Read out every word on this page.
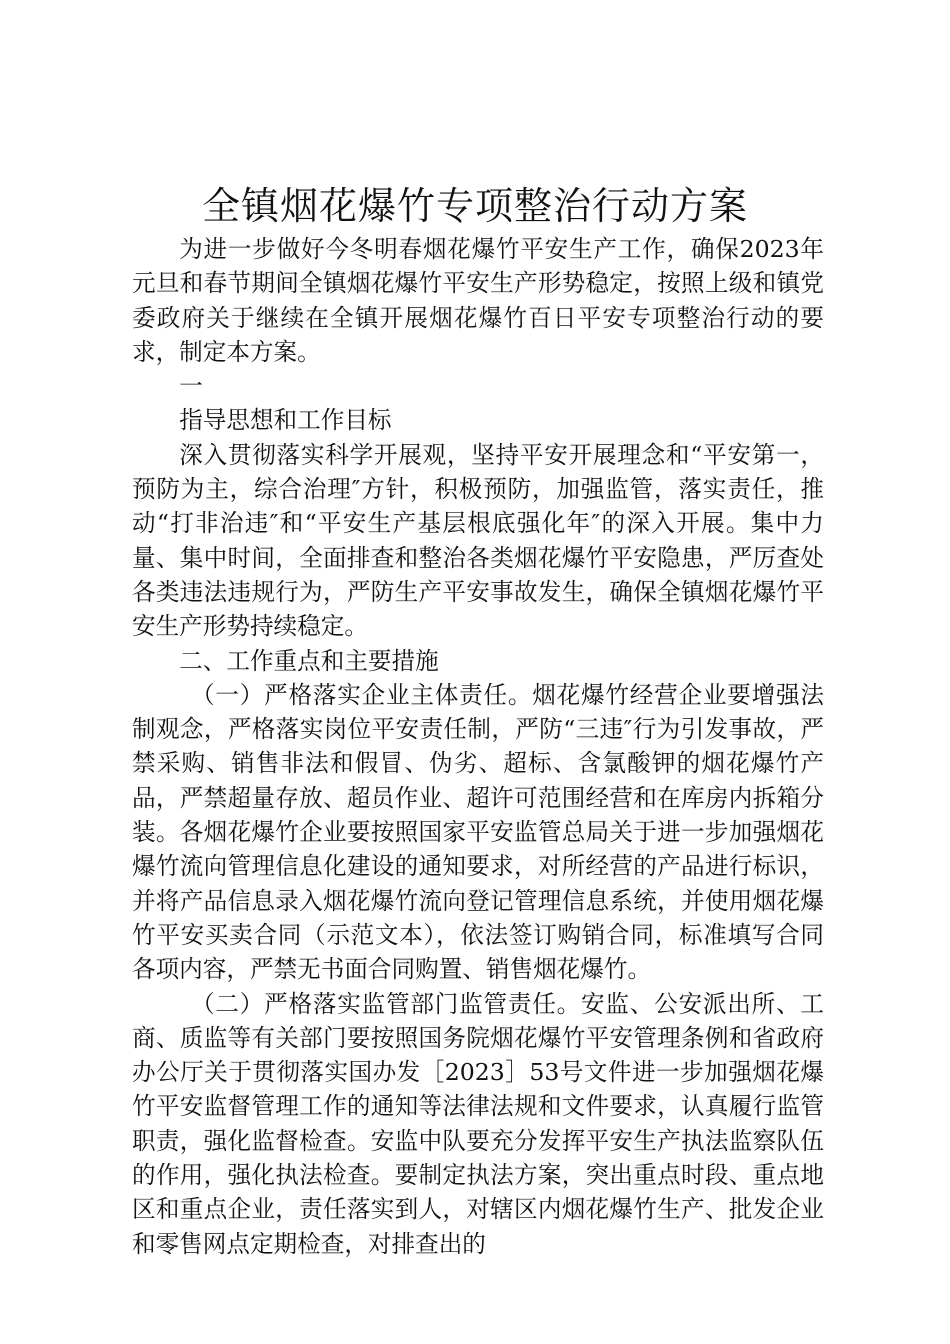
全镇烟花爆竹专项整治行动方案

为进一步做好今冬明春烟花爆竹平安生产工作，确保2023年元旦和春节期间全镇烟花爆竹平安生产形势稳定，按照上级和镇党委政府关于继续在全镇开展烟花爆竹百日平安专项整治行动的要求，制定本方案。

一

指导思想和工作目标

深入贯彻落实科学开展观，坚持平安开展理念和“平安第一，预防为主，综合治理″方针，积极预防，加强监管，落实责任，推动“打非治违″和“平安生产基层根底强化年″的深入开展。集中力量、集中时间，全面排查和整治各类烟花爆竹平安隐患，严厉查处各类违法违规行为，严防生产平安事故发生，确保全镇烟花爆竹平安生产形势持续稳定。

二、工作重点和主要措施

（一）严格落实企业主体责任。烟花爆竹经营企业要增强法制观念，严格落实岗位平安责任制，严防“三违″行为引发事故，严禁采购、销售非法和假冒、伪劣、超标、含氯酸钾的烟花爆竹产品，严禁超量存放、超员作业、超许可范围经营和在库房内拆箱分装。各烟花爆竹企业要按照国家平安监管总局关于进一步加强烟花爆竹流向管理信息化建设的通知要求，对所经营的产品进行标识，并将产品信息录入烟花爆竹流向登记管理信息系统，并使用烟花爆竹平安买卖合同（示范文本），依法签订购销合同，标准填写合同各项内容，严禁无书面合同购置、销售烟花爆竹。

（二）严格落实监管部门监管责任。安监、公安派出所、工商、质监等有关部门要按照国务院烟花爆竹平安管理条例和省政府办公厅关于贯彻落实国办发［2023］53号文件进一步加强烟花爆竹平安监督管理工作的通知等法律法规和文件要求，认真履行监管职责，强化监督检查。安监中队要充分发挥平安生产执法监察队伍的作用，强化执法检查。要制定执法方案，突出重点时段、重点地区和重点企业，责任落实到人，对辖区内烟花爆竹生产、批发企业和零售网点定期检查，对排查出的
